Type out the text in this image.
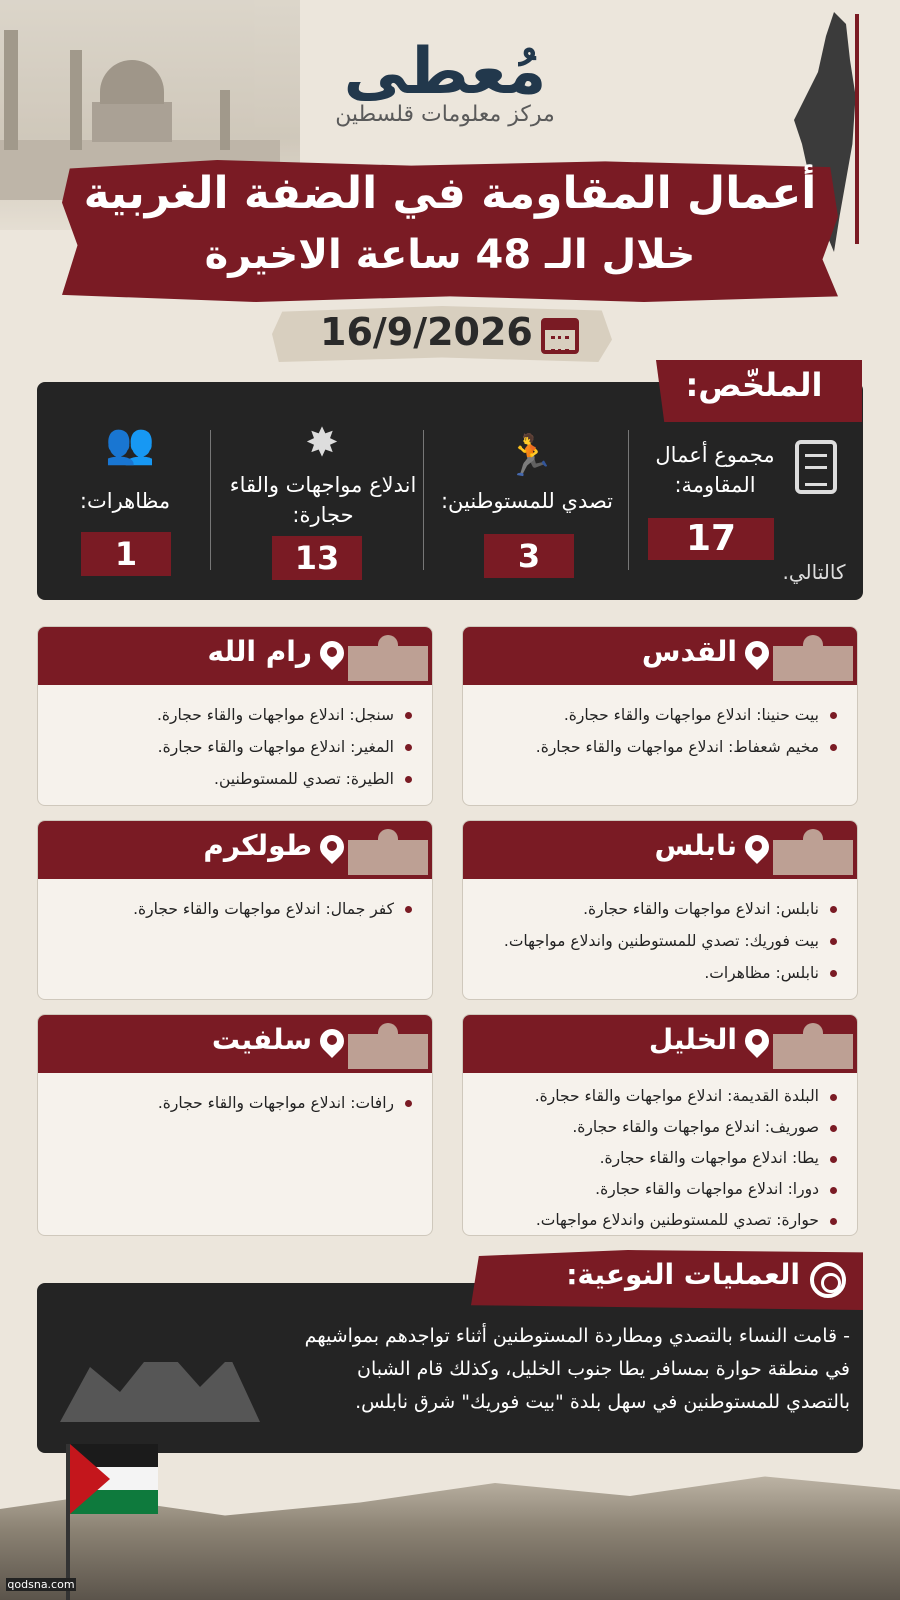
مُعطى
مركز معلومات قلسطين
أعمال المقاومة في الضفة الغربية
خلال الـ 48 ساعة الاخيرة
16/9/2026
الملخّص:
مجموع أعمال المقاومة:
17
🏃
تصدي للمستوطنين:
3
✸
اندلاع مواجهات والقاء حجارة:
13
👥
مظاهرات:
1	كالتالي.
القدس
بيت حنينا: اندلاع مواجهات والقاء حجارة.
مخيم شعفاط: اندلاع مواجهات والقاء حجارة.
رام الله
سنجل: اندلاع مواجهات والقاء حجارة.
المغير: اندلاع مواجهات والقاء حجارة.
الطيرة: تصدي للمستوطنين.
نابلس
نابلس: اندلاع مواجهات والقاء حجارة.
بيت فوريك: تصدي للمستوطنين واندلاع مواجهات.
نابلس: مظاهرات.
طولكرم
كفر جمال: اندلاع مواجهات والقاء حجارة.
الخليل
البلدة القديمة: اندلاع مواجهات والقاء حجارة.
صوريف: اندلاع مواجهات والقاء حجارة.
يطا: اندلاع مواجهات والقاء حجارة.
دورا: اندلاع مواجهات والقاء حجارة.
حوارة: تصدي للمستوطنين واندلاع مواجهات.
سلفيت
رافات: اندلاع مواجهات والقاء حجارة.
العمليات النوعية:
- قامت النساء بالتصدي ومطاردة المستوطنين أثناء تواجدهم بمواشيهم في منطقة حوارة بمسافر يطا جنوب الخليل، وكذلك قام الشبان بالتصدي للمستوطنين في سهل بلدة "بيت فوريك" شرق نابلس.
qodsna.com
